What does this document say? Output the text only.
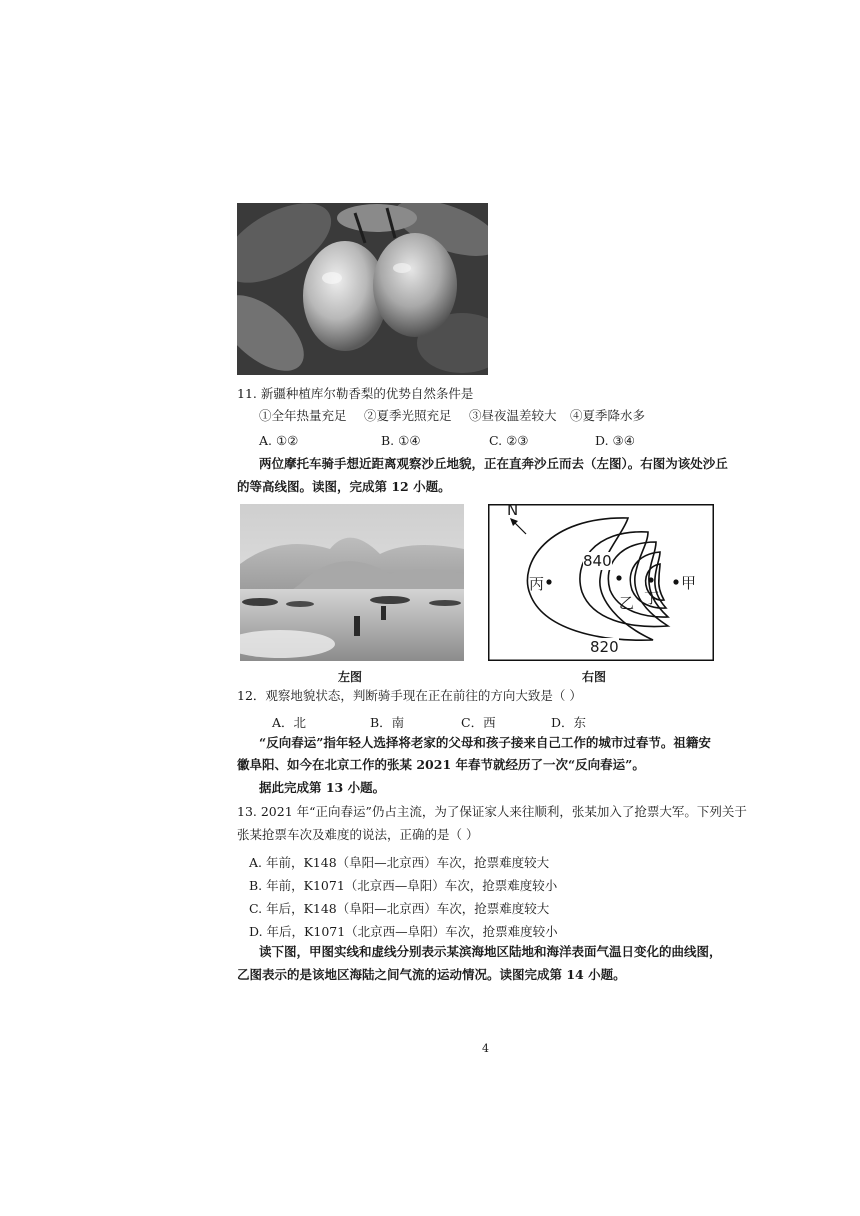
11. 新疆种植库尔勒香梨的优势自然条件是
①全年热量充足 ②夏季光照充足 ③昼夜温差较大 ④夏季降水多
A. ①②	B. ①④	C. ②③	D. ③④
两位摩托车骑手想近距离观察沙丘地貌，正在直奔沙丘而去（左图）。右图为该处沙丘
的等高线图。读图，完成第 12 小题。
左图
N
840
820
丙
乙 丁
甲
右图
12．观察地貌状态，判断骑手现在正在前往的方向大致是（ ）
A．北	B．南	C．西	D．东
“反向春运”指年轻人选择将老家的父母和孩子接来自己工作的城市过春节。祖籍安
徽阜阳、如今在北京工作的张某 2021 年春节就经历了一次“反向春运”。
据此完成第 13 小题。
13. 2021 年“正向春运”仍占主流，为了保证家人来往顺利，张某加入了抢票大军。下列关于
张某抢票车次及难度的说法，正确的是（ ）
A. 年前，K148（阜阳—北京西）车次，抢票难度较大
B. 年前，K1071（北京西—阜阳）车次，抢票难度较小
C. 年后，K148（阜阳—北京西）车次，抢票难度较大
D. 年后，K1071（北京西—阜阳）车次，抢票难度较小
读下图，甲图实线和虚线分别表示某滨海地区陆地和海洋表面气温日变化的曲线图，
乙图表示的是该地区海陆之间气流的运动情况。读图完成第 14 小题。
4
